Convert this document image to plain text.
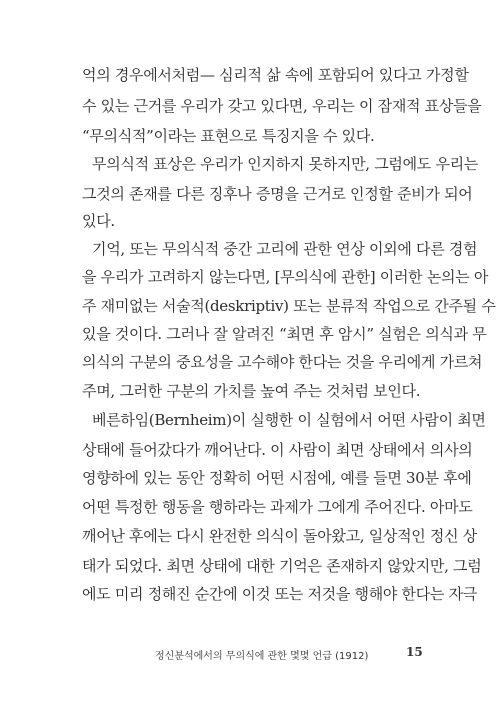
억의 경우에서처럼— 심리적 삶 속에 포함되어 있다고 가정할
수 있는 근거를 우리가 갖고 있다면, 우리는 이 잠재적 표상들을
“무의식적”이라는 표현으로 특징지을 수 있다.
무의식적 표상은 우리가 인지하지 못하지만, 그럼에도 우리는
그것의 존재를 다른 징후나 증명을 근거로 인정할 준비가 되어
있다.
기억, 또는 무의식적 중간 고리에 관한 연상 이외에 다른 경험
을 우리가 고려하지 않는다면, [무의식에 관한] 이러한 논의는 아
주 재미없는 서술적(deskriptiv) 또는 분류적 작업으로 간주될 수
있을 것이다. 그러나 잘 알려진 “최면 후 암시” 실험은 의식과 무
의식의 구분의 중요성을 고수해야 한다는 것을 우리에게 가르쳐
주며, 그러한 구분의 가치를 높여 주는 것처럼 보인다.
베른하임(Bernheim)이 실행한 이 실험에서 어떤 사람이 최면
상태에 들어갔다가 깨어난다. 이 사람이 최면 상태에서 의사의
영향하에 있는 동안 정확히 어떤 시점에, 예를 들면 30분 후에
어떤 특정한 행동을 행하라는 과제가 그에게 주어진다. 아마도
깨어난 후에는 다시 완전한 의식이 돌아왔고, 일상적인 정신 상
태가 되었다. 최면 상태에 대한 기억은 존재하지 않았지만, 그럼
에도 미리 정해진 순간에 이것 또는 저것을 행해야 한다는 자극
정신분석에서의 무의식에 관한 몇몇 언급 (1912)	15
